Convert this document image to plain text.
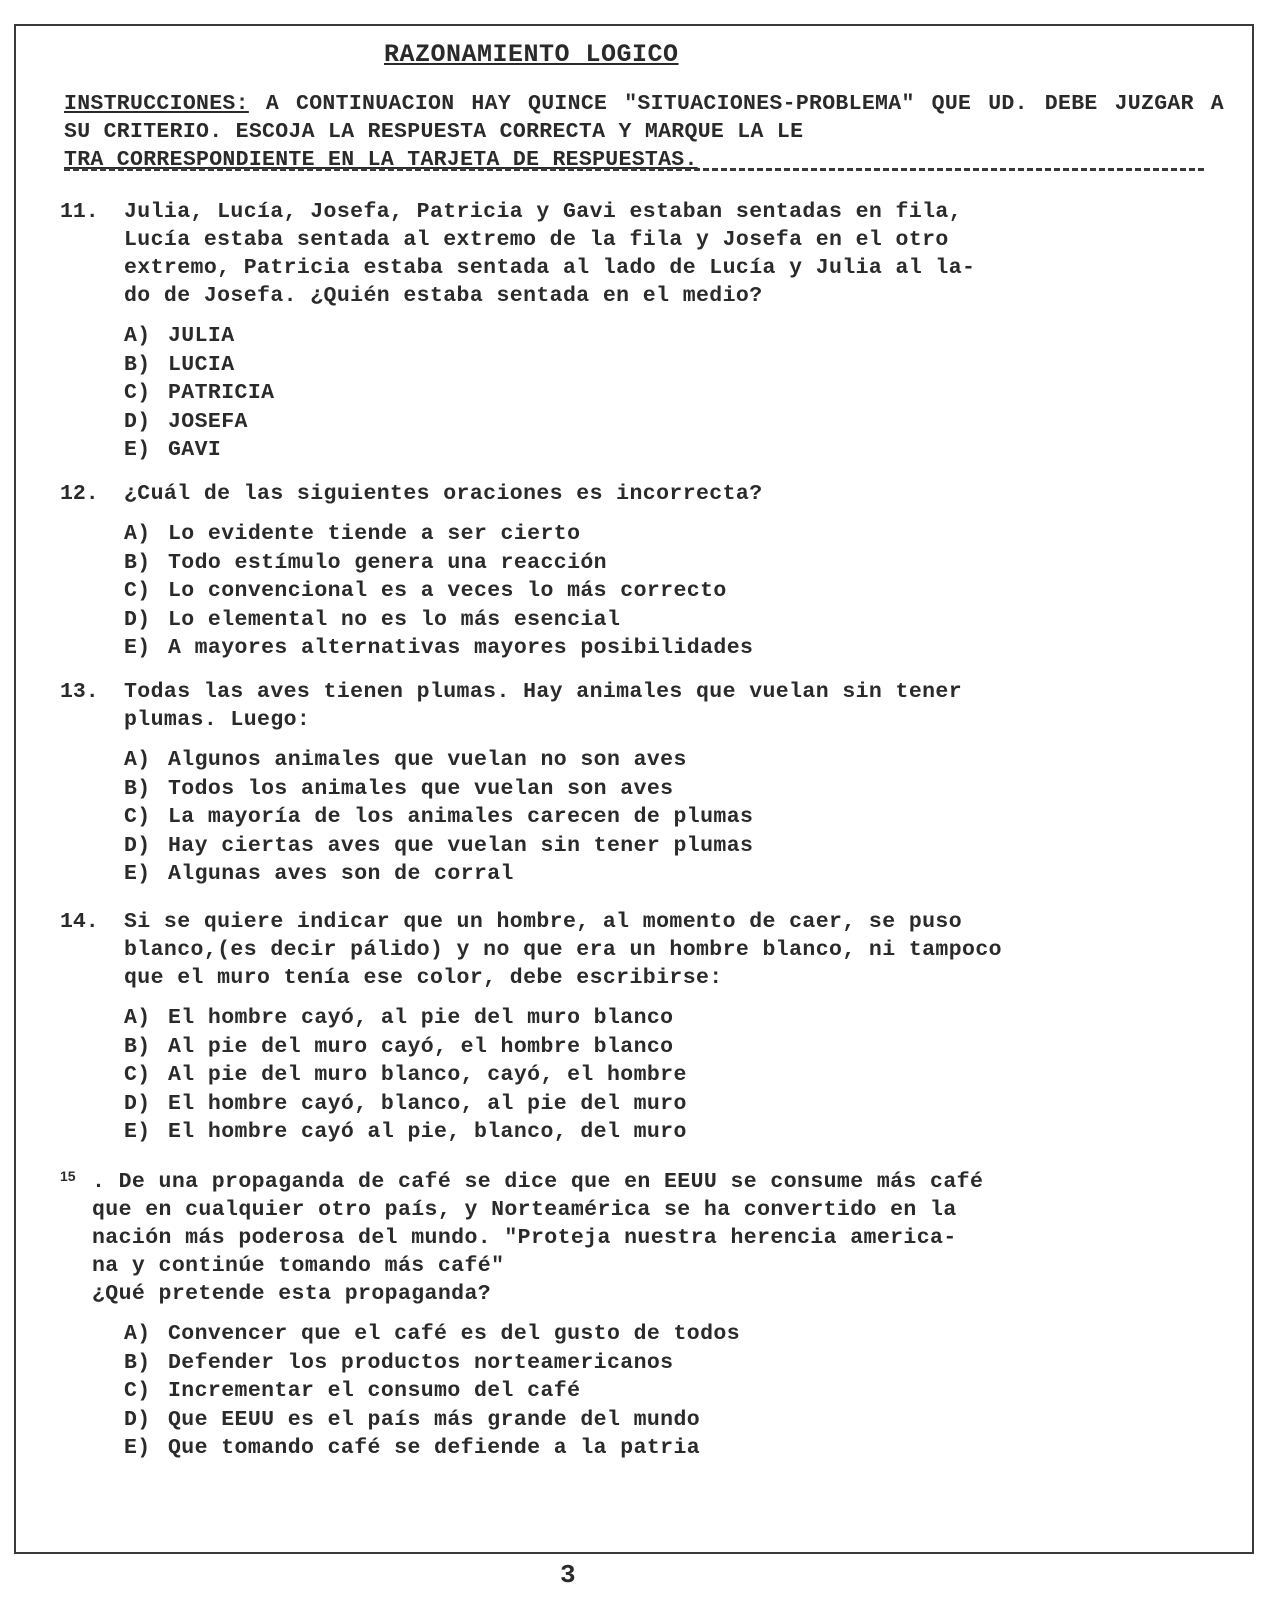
RAZONAMIENTO LOGICO
INSTRUCCIONES: A CONTINUACION HAY QUINCE "SITUACIONES-PROBLEMA" QUE UD. DEBE JUZGAR A SU CRITERIO. ESCOJA LA RESPUESTA CORRECTA Y MARQUE LA LE
TRA CORRESPONDIENTE EN LA TARJETA DE RESPUESTAS.
11.	Julia, Lucía, Josefa, Patricia y Gavi estaban sentadas en fila,
Lucía estaba sentada al extremo de la fila y Josefa en el otro
extremo, Patricia estaba sentada al lado de Lucía y Julia al la-
do de Josefa. ¿Quién estaba sentada en el medio?
A) JULIA
B) LUCIA
C) PATRICIA
D) JOSEFA
E) GAVI
12.	¿Cuál de las siguientes oraciones es incorrecta?
A) Lo evidente tiende a ser cierto
B) Todo estímulo genera una reacción
C) Lo convencional es a veces lo más correcto
D) Lo elemental no es lo más esencial
E) A mayores alternativas mayores posibilidades
13.	Todas las aves tienen plumas. Hay animales que vuelan sin tener
plumas. Luego:
A) Algunos animales que vuelan no son aves
B) Todos los animales que vuelan son aves
C) La mayoría de los animales carecen de plumas
D) Hay ciertas aves que vuelan sin tener plumas
E) Algunas aves son de corral
14.	Si se quiere indicar que un hombre, al momento de caer, se puso
blanco,(es decir pálido) y no que era un hombre blanco, ni tampoco
que el muro tenía ese color, debe escribirse:
A) El hombre cayó, al pie del muro blanco
B) Al pie del muro cayó, el hombre blanco
C) Al pie del muro blanco, cayó, el hombre
D) El hombre cayó, blanco, al pie del muro
E) El hombre cayó al pie, blanco, del muro
15 . De una propaganda de café se dice que en EEUU se consume más café
que en cualquier otro país, y Norteamérica se ha convertido en la
nación más poderosa del mundo. "Proteja nuestra herencia america-
na y continúe tomando más café"
¿Qué pretende esta propaganda?
A) Convencer que el café es del gusto de todos
B) Defender los productos norteamericanos
C) Incrementar el consumo del café
D) Que EEUU es el país más grande del mundo
E) Que tomando café se defiende a la patria
3
